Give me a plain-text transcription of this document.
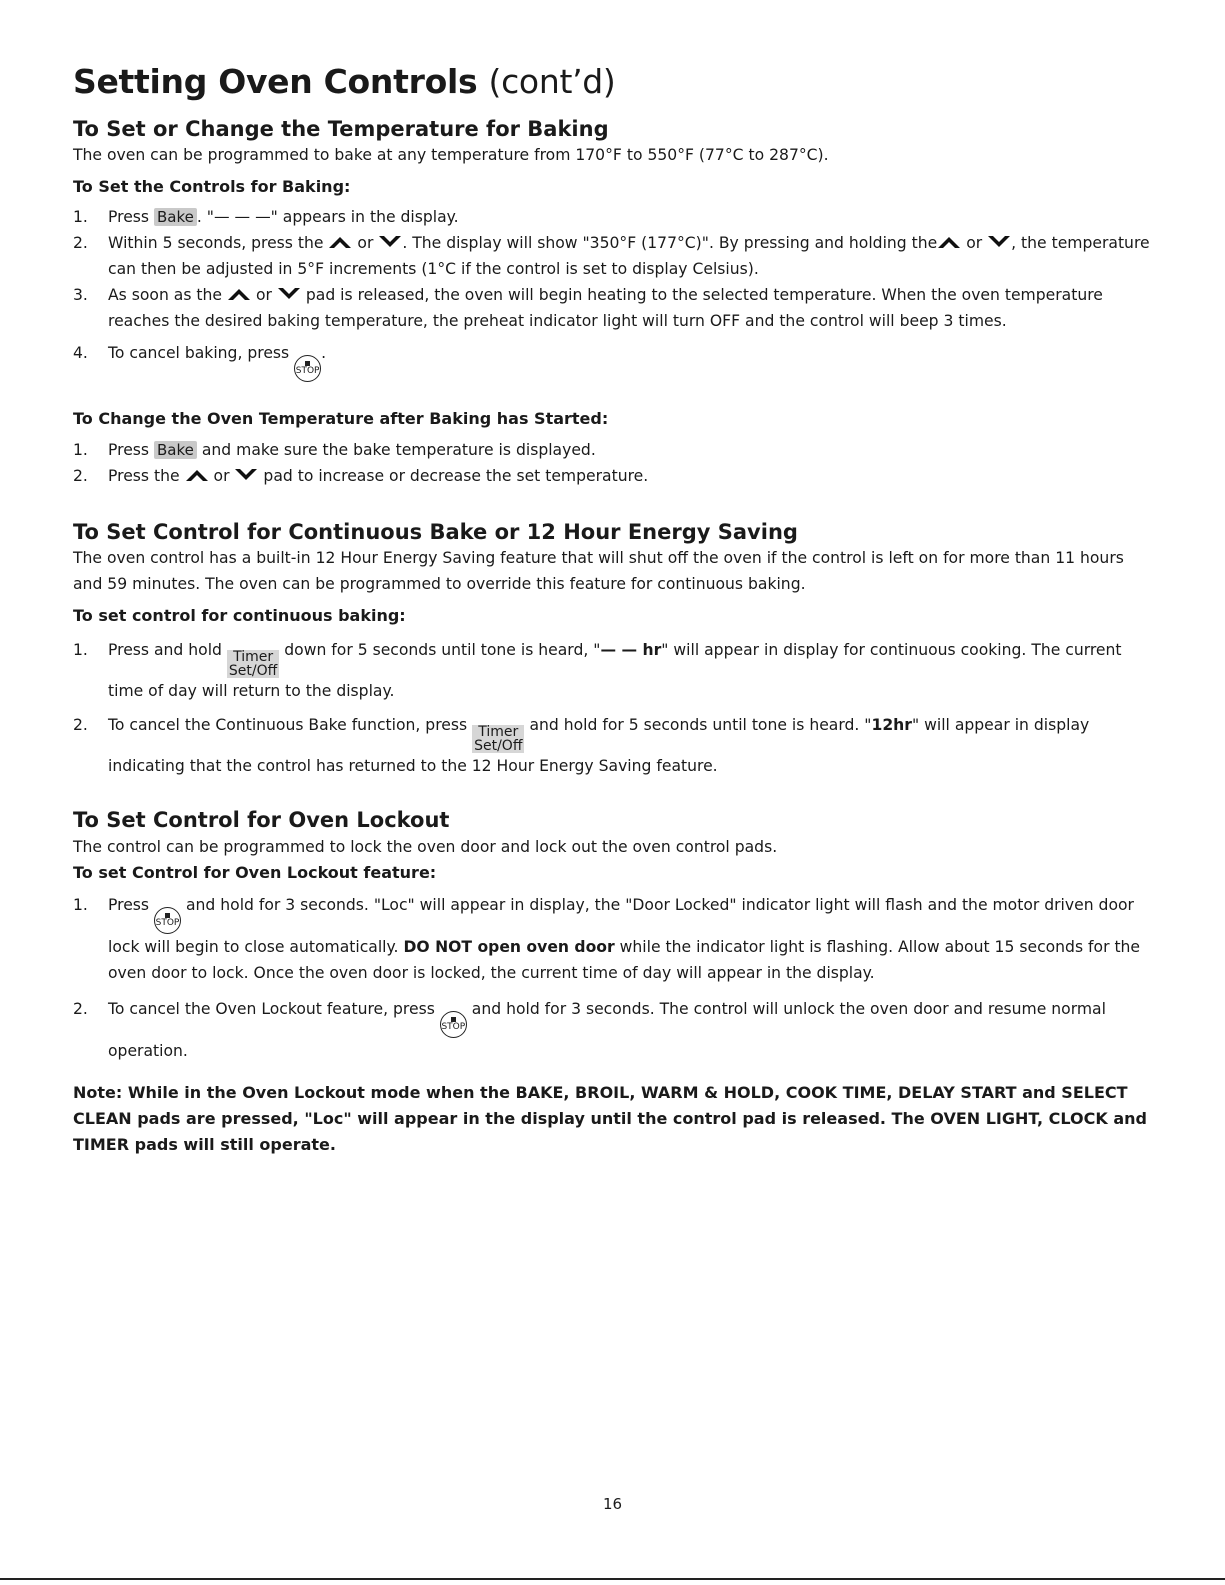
Setting Oven Controls (cont’d)
To Set or Change the Temperature for Baking

The oven can be programmed to bake at any temperature from 170°F to 550°F (77°C to 287°C).

To Set the Controls for Baking:
1. Press Bake . "— — —" appears in the display.
2. Within 5 seconds, press the or . The display will show "350°F (177°C)". By pressing and holding the or , the temperature can then be adjusted in 5°F increments (1°C if the control is set to display Celsius).
3. As soon as the or pad is released, the oven will begin heating to the selected temperature. When the oven temperature reaches the desired baking temperature, the preheat indicator light will turn OFF and the control will beep 3 times.
4. To cancel baking, press
STOP
.
To Change the Oven Temperature after Baking has Started:
1. Press Bake and make sure the bake temperature is displayed.
2. Press the or pad to increase or decrease the set temperature.
To Set Control for Continuous Bake or 12 Hour Energy Saving

The oven control has a built-in 12 Hour Energy Saving feature that will shut off the oven if the control is left on for more than 11 hours and 59 minutes. The oven can be programmed to override this feature for continuous baking.

To set control for continuous baking:
1. Press and hold Timer
Set/Off
down for 5 seconds until tone is heard, "— — hr" will appear in display for continuous cooking. The current time of day will return to the display.
2. To cancel the Continuous Bake function, press Timer
Set/Off
and hold for 5 seconds until tone is heard. "12hr" will appear in display indicating that the control has returned to the 12 Hour Energy Saving feature.
To Set Control for Oven Lockout

The control can be programmed to lock the oven door and lock out the oven control pads.

To set Control for Oven Lockout feature:
1. Press
STOP
and hold for 3 seconds. "Loc" will appear in display, the "Door Locked" indicator light will flash and the motor driven door lock will begin to close automatically. DO NOT open oven door while the indicator light is flashing. Allow about 15 seconds for the oven door to lock. Once the oven door is locked, the current time of day will appear in the display.
2. To cancel the Oven Lockout feature, press
STOP
and hold for 3 seconds. The control will unlock the oven door and resume normal operation.

Note: While in the Oven Lockout mode when the BAKE, BROIL, WARM & HOLD, COOK TIME, DELAY START and SELECT CLEAN pads are pressed, "Loc" will appear in the display until the control pad is released. The OVEN LIGHT, CLOCK and TIMER pads will still operate.

16
